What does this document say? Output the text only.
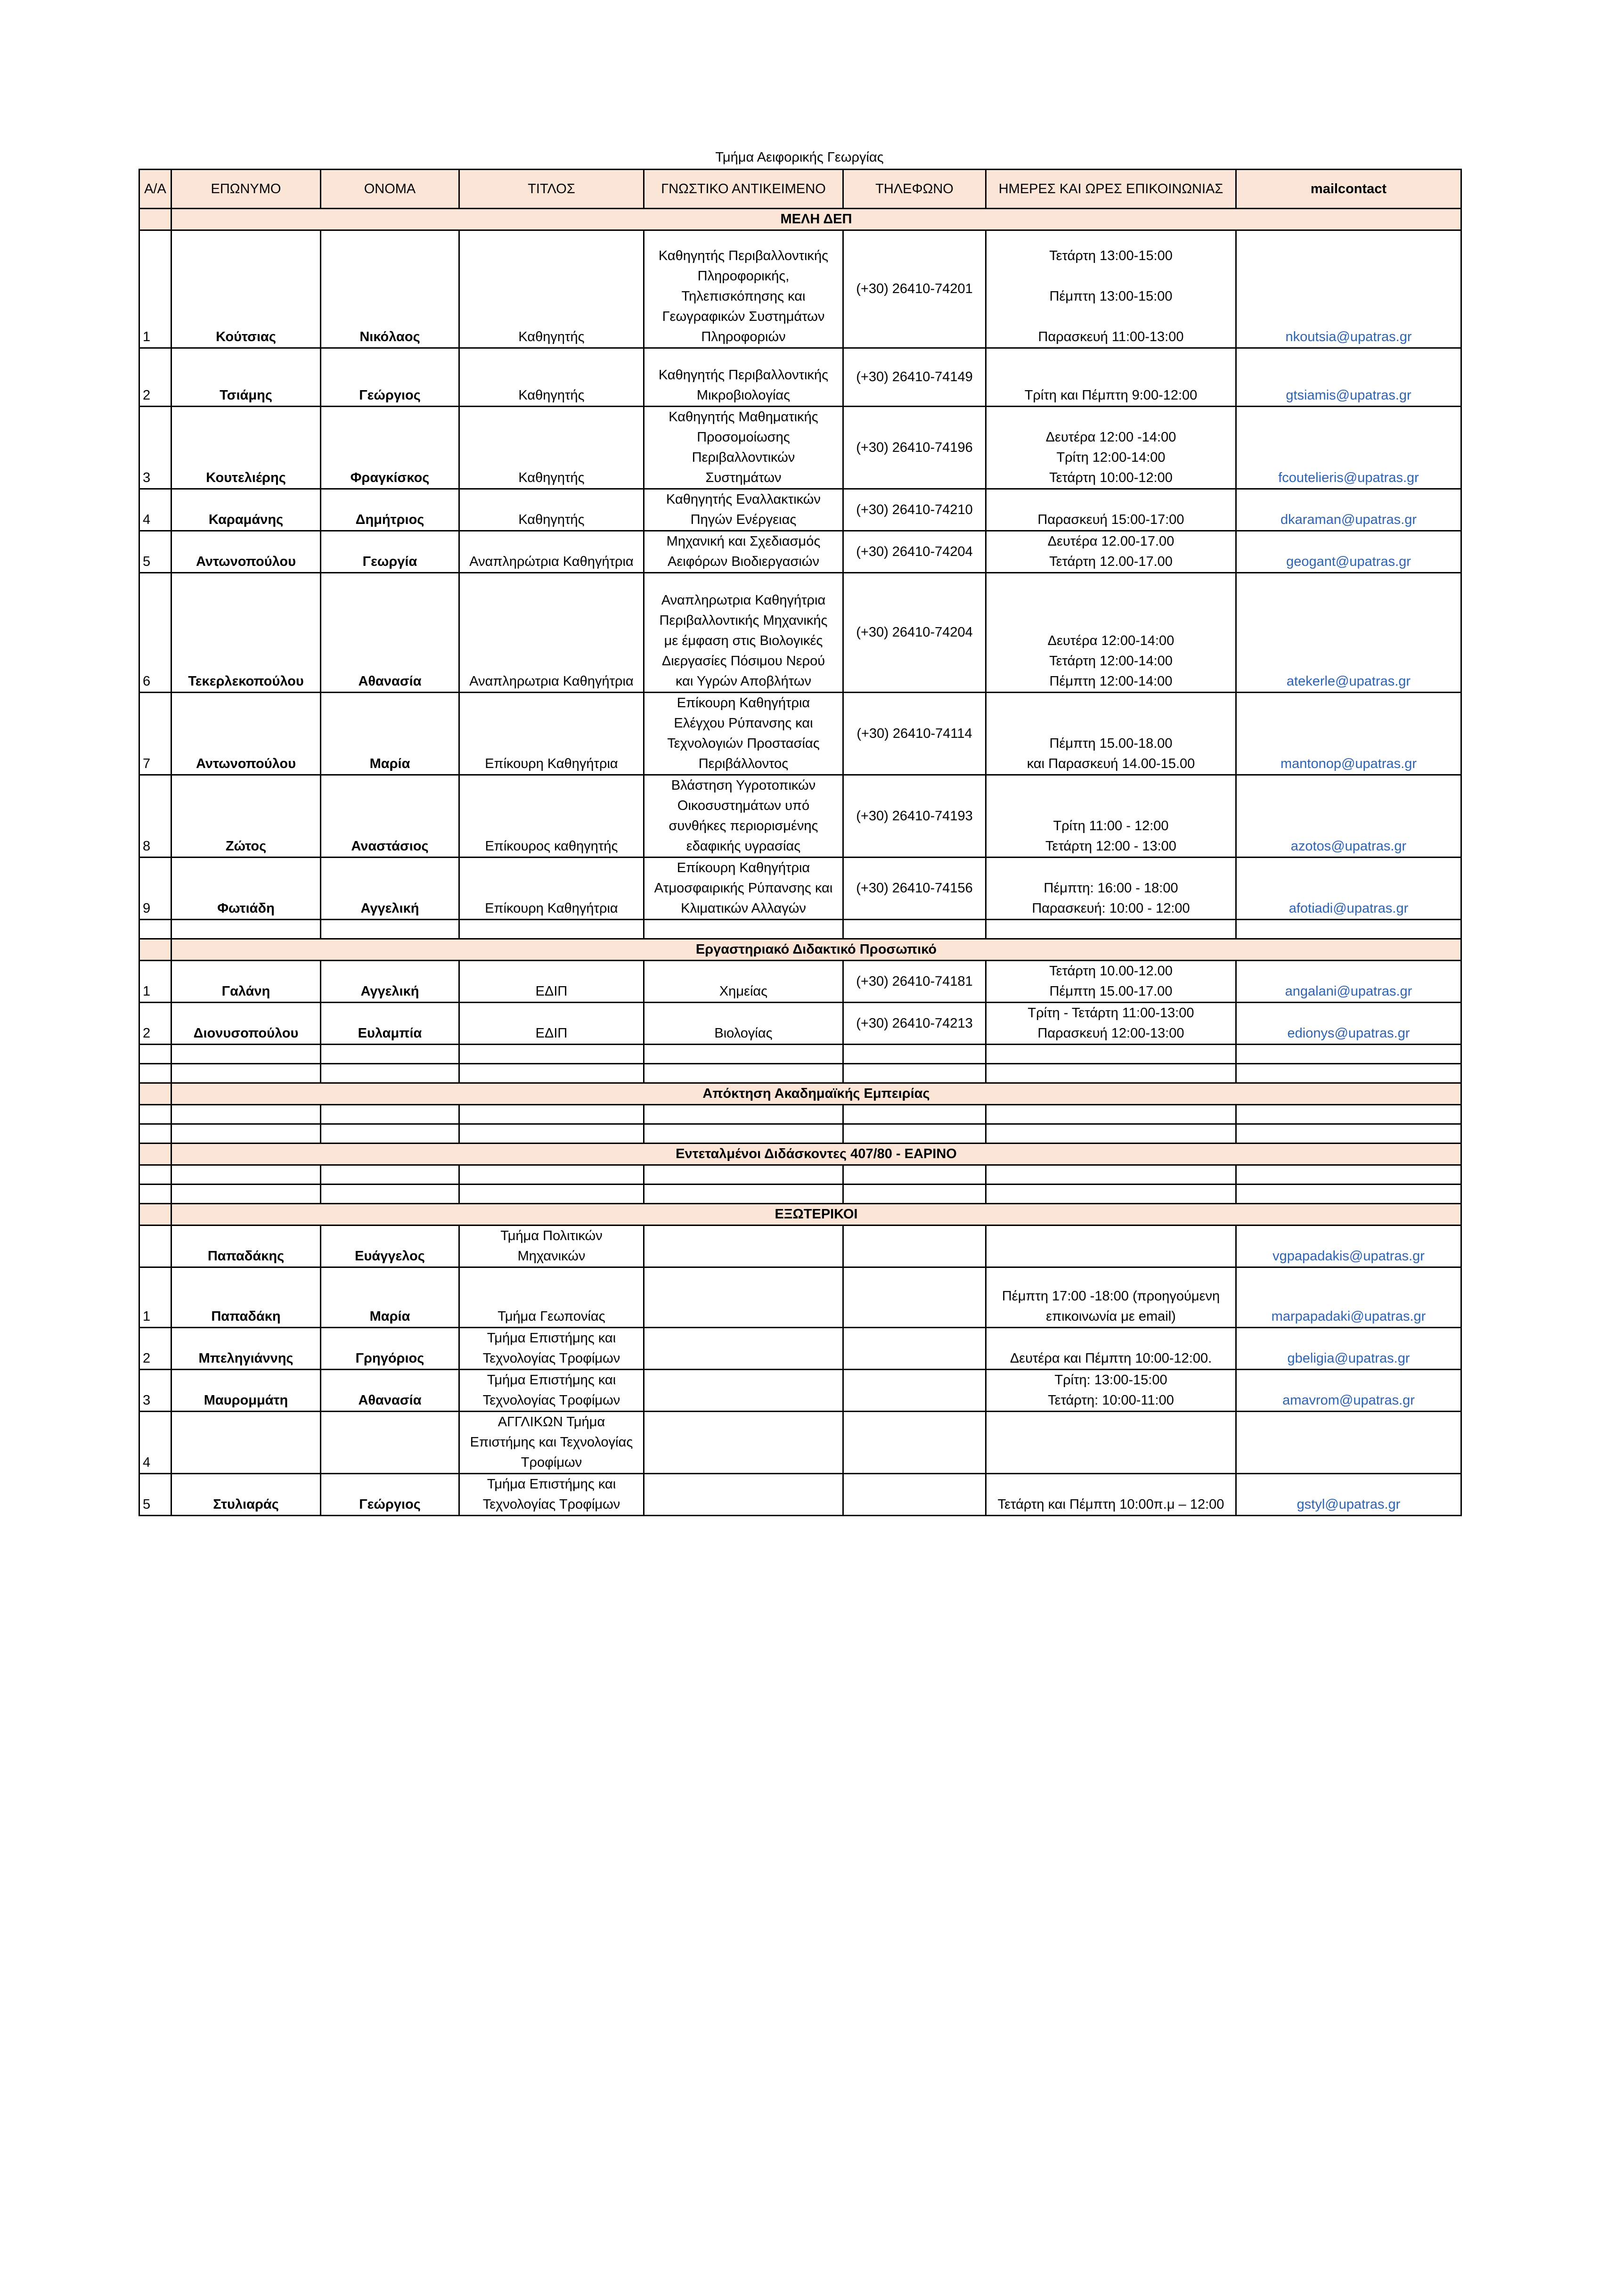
Τμήμα Αειφορικής Γεωργίας
Α/Α	ΕΠΩΝΥΜΟ	ΟΝΟΜΑ	ΤΙΤΛΟΣ	ΓΝΩΣΤΙΚΟ ΑΝΤΙΚΕΙΜΕΝΟ	ΤΗΛΕΦΩΝΟ	ΗΜΕΡΕΣ ΚΑΙ ΩΡΕΣ ΕΠΙΚΟΙΝΩΝΙΑΣ	mailcontact
	ΜΕΛΗ ΔΕΠ						
1	Κούτσιας	Νικόλαος	Καθηγητής	Καθηγητής Περιβαλλοντικής
Πληροφορικής,
Τηλεπισκόπησης και
Γεωγραφικών Συστημάτων
Πληροφοριών	(+30) 26410-74201	Τετάρτη 13:00-15:00

Πέμπτη 13:00-15:00

Παρασκευή 11:00-13:00	nkoutsia@upatras.gr
2	Τσιάμης	Γεώργιος	Καθηγητής	Καθηγητής Περιβαλλοντικής
Μικροβιολογίας	(+30) 26410-74149	Τρίτη και Πέμπτη 9:00-12:00	gtsiamis@upatras.gr
3	Κουτελιέρης	Φραγκίσκος	Καθηγητής	Καθηγητής Μαθηματικής
Προσομοίωσης
Περιβαλλοντικών
Συστημάτων	(+30) 26410-74196	Δευτέρα 12:00 -14:00
Τρίτη 12:00-14:00
Τετάρτη 10:00-12:00	fcoutelieris@upatras.gr
4	Καραμάνης	Δημήτριος	Καθηγητής	Καθηγητής Εναλλακτικών
Πηγών Ενέργειας	(+30) 26410-74210	Παρασκευή 15:00-17:00	dkaraman@upatras.gr
5	Αντωνοπούλου	Γεωργία	Αναπληρώτρια Καθηγήτρια	Μηχανική και Σχεδιασμός
Αειφόρων Βιοδιεργασιών	(+30) 26410-74204	Δευτέρα 12.00-17.00
Τετάρτη 12.00-17.00	geogant@upatras.gr
6	Τεκερλεκοπούλου	Αθανασία	Αναπληρωτρια Καθηγήτρια	Αναπληρωτρια Καθηγήτρια
Περιβαλλοντικής Μηχανικής
με έμφαση στις Βιολογικές
Διεργασίες Πόσιμου Νερού
και Υγρών Αποβλήτων	(+30) 26410-74204	Δευτέρα 12:00-14:00
Τετάρτη 12:00-14:00
Πέμπτη 12:00-14:00	atekerle@upatras.gr
7	Αντωνοπούλου	Μαρία	Επίκουρη Καθηγήτρια	Επίκουρη Καθηγήτρια
Ελέγχου Ρύπανσης και
Τεχνολογιών Προστασίας
Περιβάλλοντος	(+30) 26410-74114	Πέμπτη 15.00-18.00
και Παρασκευή 14.00-15.00	mantonop@upatras.gr
8	Ζώτος	Αναστάσιος	Επίκουρος καθηγητής	Βλάστηση Υγροτοπικών
Οικοσυστημάτων υπό
συνθήκες περιορισμένης
εδαφικής υγρασίας	(+30) 26410-74193	Τρίτη 11:00 - 12:00
Τετάρτη 12:00 - 13:00	azotos@upatras.gr
9	Φωτιάδη	Αγγελική	Επίκουρη Καθηγήτρια	Επίκουρη Καθηγήτρια
Ατμοσφαιρικής Ρύπανσης και
Κλιματικών Αλλαγών	(+30) 26410-74156	Πέμπτη: 16:00 - 18:00
Παρασκευή: 10:00 - 12:00	afotiadi@upatras.gr

	Εργαστηριακό Διδακτικό Προσωπικό						
1	Γαλάνη	Αγγελική	ΕΔΙΠ	Χημείας	(+30) 26410-74181	Τετάρτη 10.00-12.00
Πέμπτη 15.00-17.00	angalani@upatras.gr
2	Διονυσοπούλου	Ευλαμπία	ΕΔΙΠ	Βιολογίας	(+30) 26410-74213	Τρίτη - Τετάρτη 11:00-13:00
Παρασκευή 12:00-13:00	edionys@upatras.gr

	Απόκτηση Ακαδημαϊκής Εμπειρίας						

	Εντεταλμένοι Διδάσκοντες 407/80 - ΕΑΡΙΝΟ						

	ΕΞΩΤΕΡΙΚΟΙ						
	Παπαδάκης	Ευάγγελος	Τμήμα Πολιτικών
Μηχανικών				vgpapadakis@upatras.gr
1	Παπαδάκη	Μαρία	Τμήμα Γεωπονίας			Πέμπτη 17:00 -18:00 (προηγούμενη
επικοινωνία με email)	marpapadaki@upatras.gr
2	Μπεληγιάννης	Γρηγόριος	Τμήμα Επιστήμης και
Τεχνολογίας Τροφίμων			Δευτέρα και Πέμπτη 10:00-12:00.	gbeligia@upatras.gr
3	Μαυρομμάτη	Αθανασία	Τμήμα Επιστήμης και
Τεχνολογίας Τροφίμων			Τρίτη: 13:00-15:00
Τετάρτη: 10:00-11:00	amavrom@upatras.gr
4			ΑΓΓΛΙΚΩΝ Τμήμα
Επιστήμης και Τεχνολογίας
Τροφίμων				

5	Στυλιαράς	Γεώργιος	Τμήμα Επιστήμης και
Τεχνολογίας Τροφίμων			Τετάρτη και Πέμπτη 10:00π.μ – 12:00	gstyl@upatras.gr
